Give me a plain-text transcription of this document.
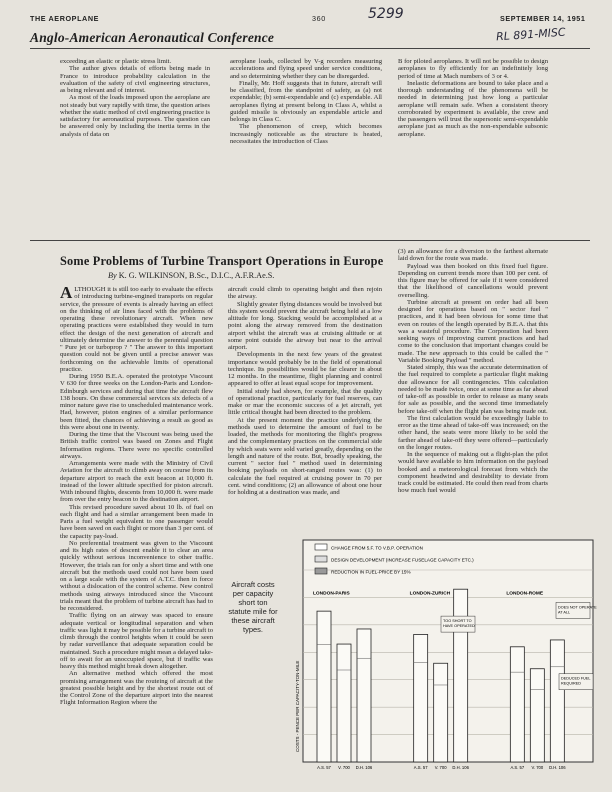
THE AEROPLANE	360	SEPTEMBER 14, 1951
5299
RL 891-MISC
Anglo-American Aeronautical Conference

exceeding an elastic or plastic stress limit.

The author gives details of efforts being made in France to introduce probability calculation in the evaluation of the safety of civil engineering structures, as being relevant and of interest.

As most of the loads imposed upon the aeroplane are not steady but vary rapidly with time, the question arises whether the static method of civil engineering practice is satisfactory for aeronautical purposes. The question can be answered only by including the inertia terms in the analysis of data on

aeroplane loads, collected by V-g recorders measuring accelerations and flying speed under service conditions, and so determining whether they can be disregarded.

Finally, Mr. Hoff suggests that in future, aircraft will be classified, from the standpoint of safety, as (a) not expendable; (b) semi-expendable and (c) expendable. All aeroplanes flying at present belong in Class A, whilst a guided missile is obviously an expendable article and belongs in Class C.

The phenomenon of creep, which becomes increasingly noticeable as the structure is heated, necessitates the introduction of Class

B for piloted aeroplanes. It will not be possible to design aeroplanes to fly efficiently for an indefinitely long period of time at Mach numbers of 3 or 4.

Inelastic deformations are bound to take place and a thorough understanding of the phenomena will be needed in determining just how long a particular aeroplane will remain safe. When a consistent theory corroborated by experiment is available, the crew and the passengers will trust the supersonic semi-expendable aeroplane just as much as the non-expendable subsonic aeroplane.

Some Problems of Turbine Transport Operations in Europe
By K. G. WILKINSON, B.Sc., D.I.C., A.F.R.Ae.S.

ALTHOUGH it is still too early to evaluate the effects of introducing turbine-engined transports on regular service, the pressure of events is already having an effect on the thinking of air lines faced with the problems of operating these revolutionary aircraft. When new operating practices were established they would in turn effect the design of the next generation of aircraft and ultimately determine the answer to the perennial question " Pure jet or turboprop ? " The answer to this important question could not be given until a precise answer was forthcoming on the achievable limits of operational practice.

During 1950 B.E.A. operated the prototype Viscount V 630 for three weeks on the London-Paris and London-Edinburgh services and during that time the aircraft flew 138 hours. On these commercial services six defects of a minor nature gave rise to unscheduled maintenance work. Had, however, piston engines of a similar performance been fitted, the chances of achieving a result as good as this were about one in twenty.

During the time that the Viscount was being used the British traffic control was based on Zones and Flight Information regions. There were no specific controlled airways.

Arrangements were made with the Ministry of Civil Aviation for the aircraft to climb away on course from its departure airport to reach the exit beacon at 10,000 ft. instead of the lower altitude specified for piston aircraft. With inbound flights, descents from 10,000 ft. were made from over the entry beacon to the destination airport.

This revised procedure saved about 10 lb. of fuel on each flight and had a similar arrangement been made in Paris a fuel weight equivalent to one passenger would have been saved on each flight or more than 3 per cent. of the capacity pay-load.

No preferential treatment was given to the Viscount and its high rates of descent enable it to clear an area quickly without serious inconvenience to other traffic. However, the trials ran for only a short time and with one aircraft but the methods used could not have been used on a large scale with the system of A.T.C. then in force without a dislocation of the control scheme. New control methods using airways introduced since the Viscount trials meant that the problem of turbine aircraft has had to be reconsidered.

Traffic flying on an airway was spaced to ensure adequate vertical or longitudinal separation and when traffic was light it may be possible for a turbine aircraft to climb through the control heights when it could be seen by radar surveillance that adequate separation could be maintained. Such a procedure might mean a delayed take-off to await for an unoccupied space, but if traffic was heavy this method might break down altogether.

An alternative method which offered the most promising arrangement was the routeing of aircraft at the greatest possible height and by the shortest route out of the Control Zone of the departure airport into the nearest Flight Information Region where the

aircraft could climb to operating height and then rejoin the airway.

Slightly greater flying distances would be involved but this system would prevent the aircraft being held at a low altitude for long. Stacking would be accomplished at a point along the airway removed from the destination airport whilst the aircraft was at cruising altitude or at some point outside the airway but near to the arrival airport.

Developments in the next few years of the greatest importance would probably be in the field of operational technique. Its possibilities would be far clearer in about 12 months. In the meantime, flight planning and control appeared to offer at least equal scope for improvement.

Initial study had shown, for example, that the quality of operational practice, particularly for fuel reserves, can make or mar the economic success of a jet aircraft, yet little critical thought had been directed to the problem.

At the present moment the practice underlying the methods used to determine the amount of fuel to be loaded, the methods for monitoring the flight's progress and the complementary practices on the commercial side by which seats were sold varied greatly, depending on the length and nature of the route. But, broadly speaking, the current " sector fuel " method used in determining booking payloads on short-ranged routes was: (1) to calculate the fuel required at cruising power in 70 per cent. wind conditions; (2) an allowance of about one hour for holding at a destination was made, and

(3) an allowance for a diversion to the farthest alternate laid down for the route was made.

Payload was then booked on this fixed fuel figure. Depending on current trends more than 100 per cent. of this figure may be offered for sale if it were considered that the likelihood of cancellations would prevent overselling.

Turbine aircraft at present on order had all been designed for operations based on " sector fuel " practices, and it had been obvious for some time that even on routes of the length operated by B.E.A. that this was a wasteful procedure. The Corporation had been seeking ways of improving current practices and had come to the conclusion that important changes could be made. The new approach to this could be called the " Variable Booking Payload " method.

Stated simply, this was the accurate determination of the fuel required to complete a particular flight making due allowance for all contingencies. This calculation needed to be made twice, once at some time as far ahead of take-off as possible in order to release as many seats for sale as possible, and the second time immediately before take-off when the flight plan was being made out.

The first calculation would be exceedingly liable to error as the time ahead of take-off was increased; on the other hand, the seats were more likely to be sold the farther ahead of take-off they were offered—particularly on the longer routes.

In the sequence of making out a flight-plan the pilot would have available to him information on the payload booked and a meteorological forecast from which the component headwind and desirability to deviate from track could be estimated. He could then read from charts how much fuel would

COSTS - PENCE PER CAPACITY-TON-MILE
CHANGE FROM 5.F. TO V.B.P. OPERATION
DESIGN DEVELOPMENT (INCREASE FUSELAGE CAPACITY ETC.)
REDUCTION IN FUEL-PRICE BY 15%
LONDON-PARIS
A.S. 57 V. 700 D.H. 106
LONDON-ZURICH
A.S. 57 V. 700 D.H. 106
LONDON-ROME
A.S. 57 V. 700 D.H. 106
TOO SHORT TO HAVE OPERATED
DOES NOT OPERATE AT ALL
DEDUCED FUEL REQUIRED
Aircraft costs per capacity short ton statute mile for these aircraft types.
